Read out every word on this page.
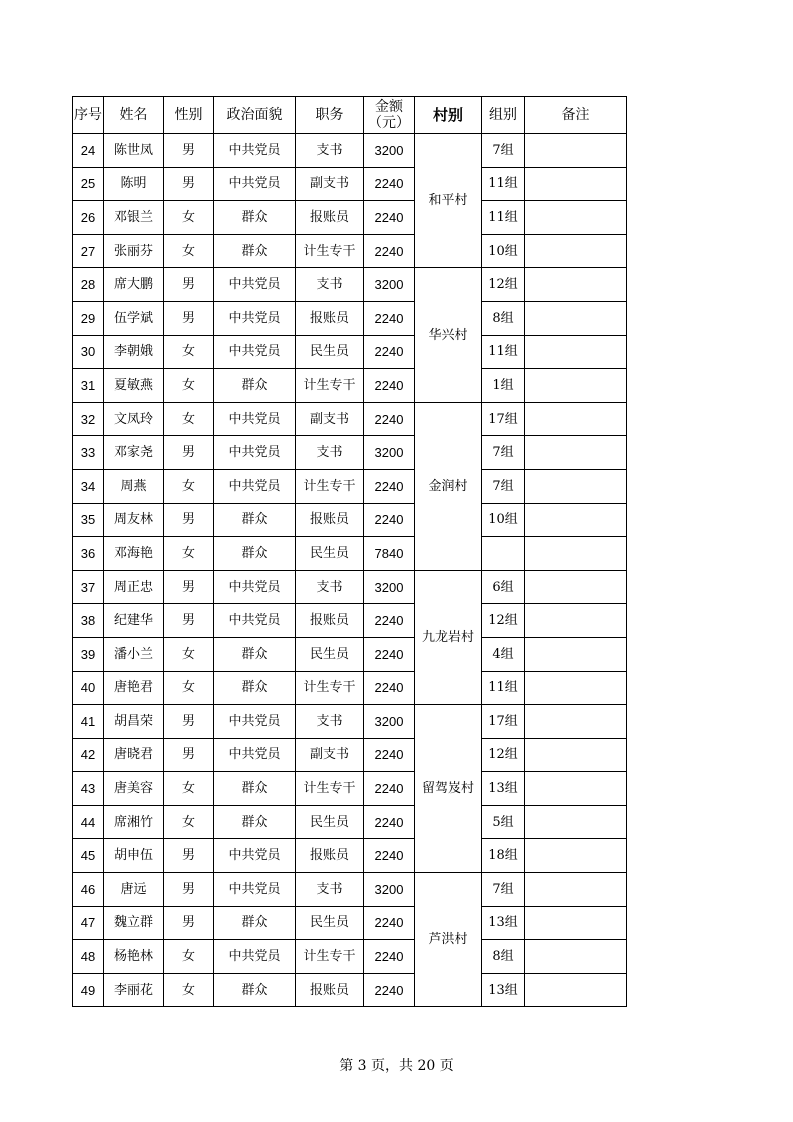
序号	姓名	性别	政治面貌	职务	金额（元）	村别	组别	备注
24	陈世凤	男	中共党员	支书	3200	和平村	7组	
25	陈明	男	中共党员	副支书	2240		11组	
26	邓银兰	女	群众	报账员	2240		11组	
27	张丽芬	女	群众	计生专干	2240		10组	
28	席大鹏	男	中共党员	支书	3200	华兴村	12组	
29	伍学斌	男	中共党员	报账员	2240		8组	
30	李朝娥	女	中共党员	民生员	2240		11组	
31	夏敏燕	女	群众	计生专干	2240		1组	
32	文凤玲	女	中共党员	副支书	2240	金润村	17组	
33	邓家尧	男	中共党员	支书	3200		7组	
34	周燕	女	中共党员	计生专干	2240		7组	
35	周友林	男	群众	报账员	2240		10组	
36	邓海艳	女	群众	民生员	7840			
37	周正忠	男	中共党员	支书	3200	九龙岩村	6组	
38	纪建华	男	中共党员	报账员	2240		12组	
39	潘小兰	女	群众	民生员	2240		4组	
40	唐艳君	女	群众	计生专干	2240		11组	
41	胡昌荣	男	中共党员	支书	3200	留驾岌村	17组	
42	唐晓君	男	中共党员	副支书	2240		12组	
43	唐美容	女	群众	计生专干	2240		13组	
44	席湘竹	女	群众	民生员	2240		5组	
45	胡申伍	男	中共党员	报账员	2240		18组	
46	唐远	男	中共党员	支书	3200	芦洪村	7组	
47	魏立群	男	群众	民生员	2240		13组	
48	杨艳林	女	中共党员	计生专干	2240		8组	
49	李丽花	女	群众	报账员	2240		13组	
第 3 页，共 20 页
